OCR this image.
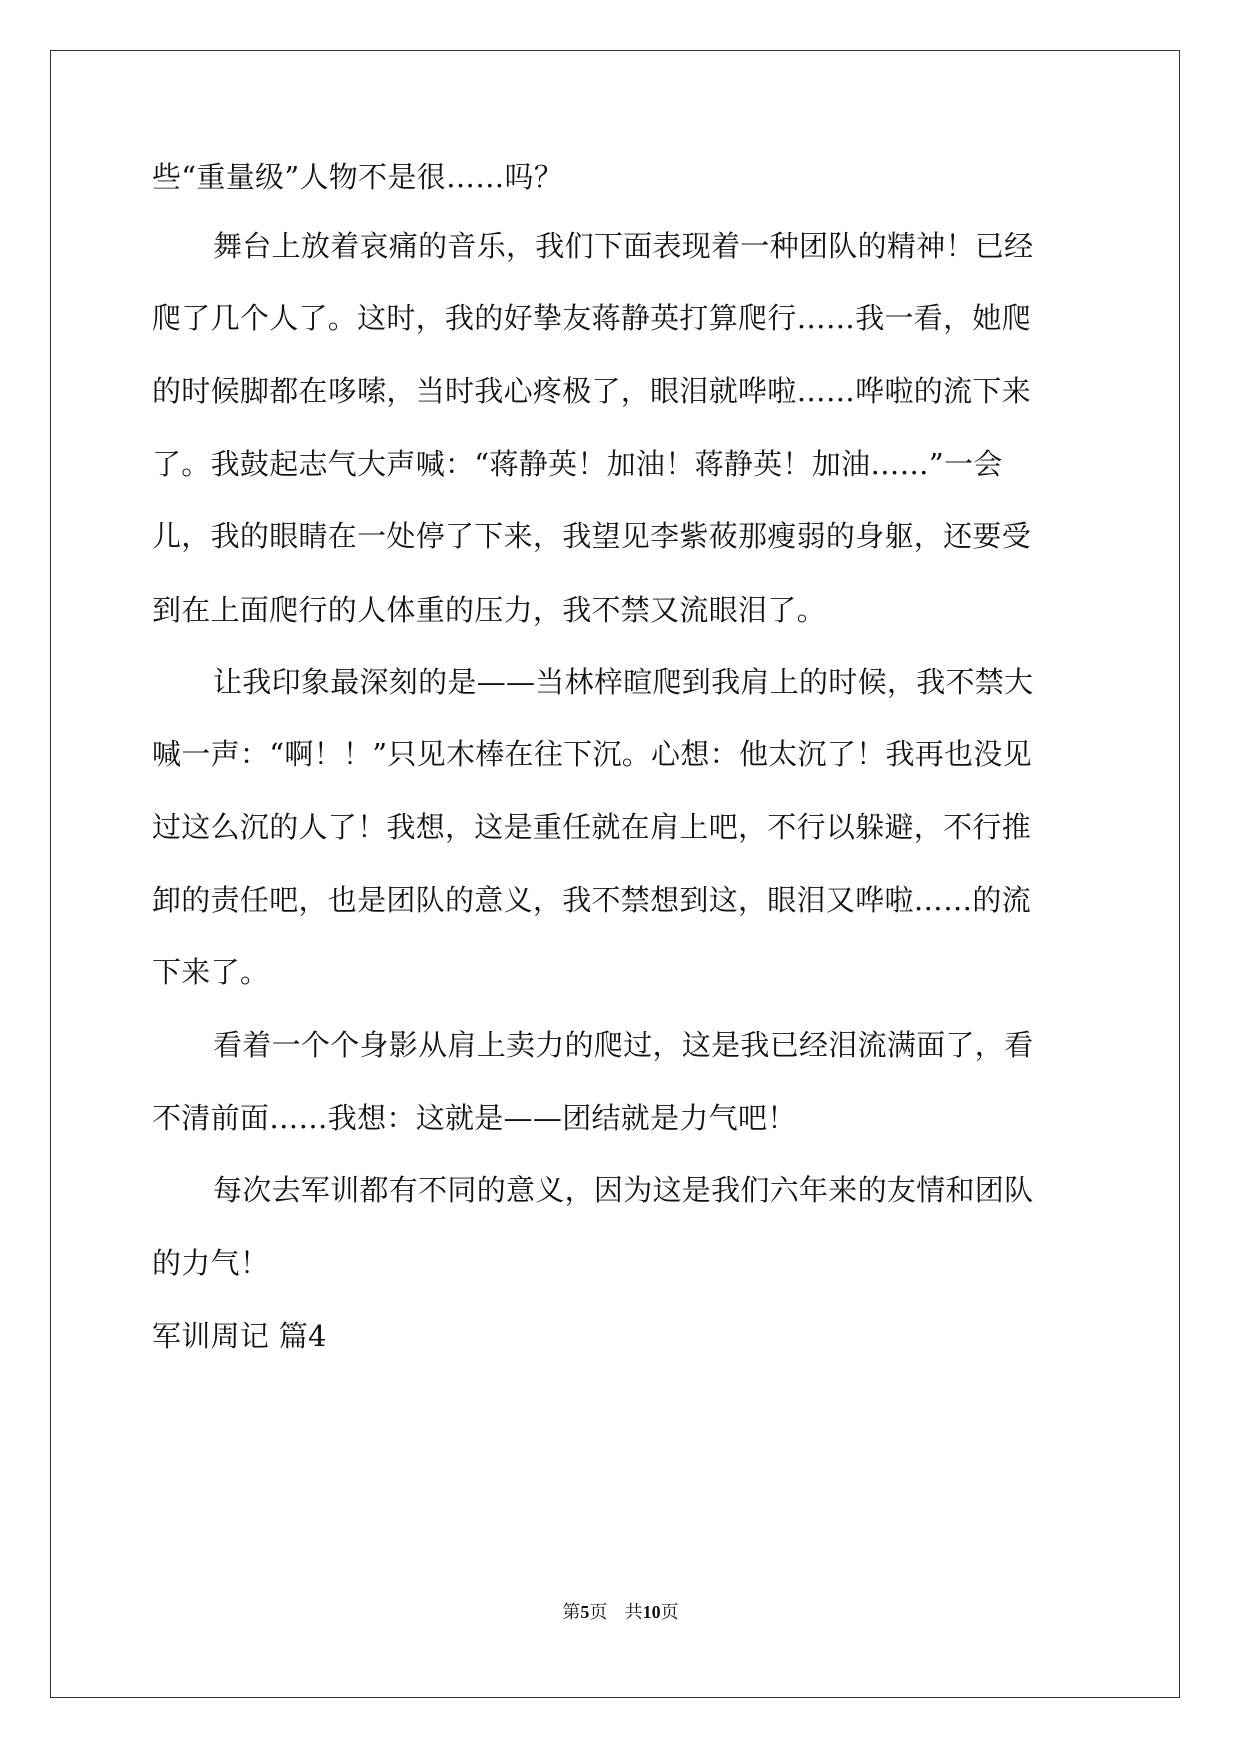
些“重量级”人物不是很……吗？
舞台上放着哀痛的音乐，我们下面表现着一种团队的精神！已经
爬了几个人了。这时，我的好挚友蒋静英打算爬行……我一看，她爬
的时候脚都在哆嗦，当时我心疼极了，眼泪就哗啦……哗啦的流下来
了。我鼓起志气大声喊：“蒋静英！加油！蒋静英！加油……”一会
儿，我的眼睛在一处停了下来，我望见李紫莜那瘦弱的身躯，还要受
到在上面爬行的人体重的压力，我不禁又流眼泪了。
让我印象最深刻的是——当林梓暄爬到我肩上的时候，我不禁大
喊一声：“啊！！”只见木棒在往下沉。心想：他太沉了！我再也没见
过这么沉的人了！我想，这是重任就在肩上吧，不行以躲避，不行推
卸的责任吧，也是团队的意义，我不禁想到这，眼泪又哗啦……的流
下来了。
看着一个个身影从肩上卖力的爬过，这是我已经泪流满面了，看
不清前面……我想：这就是——团结就是力气吧！
每次去军训都有不同的意义，因为这是我们六年来的友情和团队
的力气！
军训周记 篇4
第5页 共10页
